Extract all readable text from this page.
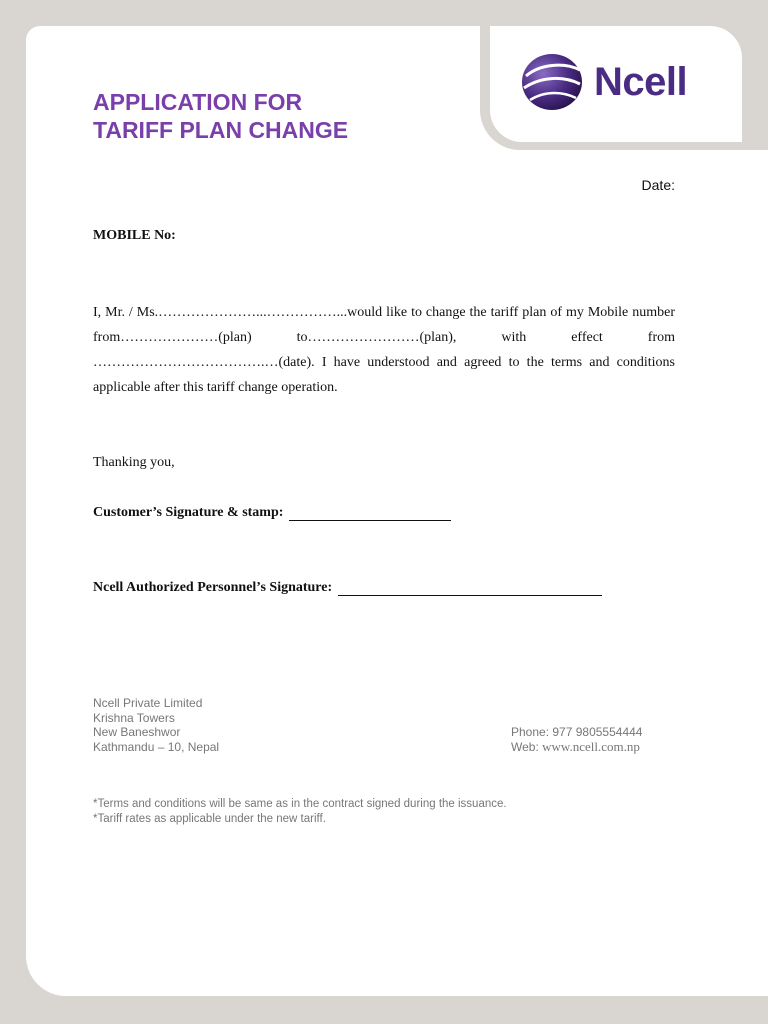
Ncell
APPLICATION FOR
TARIFF PLAN CHANGE
Date:
MOBILE No:
I, Mr. / Ms.…………………...……………...would like to change the tariff plan of my Mobile number from…………………(plan) to……………………(plan), with effect from ……………………………….…(date). I have understood and agreed to the terms and conditions applicable after this tariff change operation.
Thanking you,
Customer’s Signature & stamp:
Ncell Authorized Personnel’s Signature:
Ncell Private Limited
Krishna Towers
New Baneshwor
Kathmandu – 10, Nepal
Phone: 977 9805554444
Web: www.ncell.com.np
*Terms and conditions will be same as in the contract signed during the issuance.
*Tariff rates as applicable under the new tariff.
